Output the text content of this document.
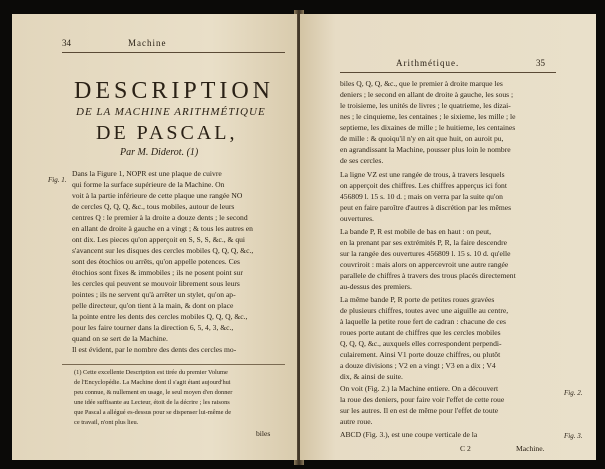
34	Machine
DESCRIPTION
DE LA MACHINE ARITHMÉTIQUE
DE PASCAL,
Par M. Diderot. (1)
Fig. 1.
Dans la Figure 1, NOPR est une plaque de cuivre
qui forme la surface supérieure de la Machine. On
voit à la partie inférieure de cette plaque une rangée NO
de cercles Q, Q, Q, &c., tous mobiles, autour de leurs
centres Q : le premier à la droite a douze dents ; le second
en allant de droite à gauche en a vingt ; & tous les autres en
ont dix. Les pieces qu'on apperçoit en S, S, S, &c., & qui
s'avancent sur les disques des cercles mobiles Q, Q, Q, &c.,
sont des étochios ou arrêts, qu'on appelle potences. Ces
étochios sont fixes & immobiles ; ils ne posent point sur
les cercles qui peuvent se mouvoir librement sous leurs
pointes ; ils ne servent qu'à arrêter un stylet, qu'on ap-
pelle directeur, qu'on tient à la main, & dont on place
la pointe entre les dents des cercles mobiles Q, Q, Q, &c.,
pour les faire tourner dans la direction 6, 5, 4, 3, &c.,
quand on se sert de la Machine.
Il est évident, par le nombre des dents des cercles mo-
(1) Cette excellente Description est tirée du premier Volume
de l'Encyclopédie. La Machine dont il s'agit étant aujourd'hui
peu connue, & nullement en usage, le seul moyen d'en donner
une idée suffisante au Lecteur, étoit de la décrire ; les raisons
que Pascal a allégué es-dessus pour se dispenser lui-même de
ce travail, n'ont plus lieu.
biles
Arithmétique.	35
biles Q, Q, Q, &c., que le premier à droite marque les
deniers ; le second en allant de droite à gauche, les sous ;
le troisieme, les unités de livres ; le quatrieme, les dizai-
nes ; le cinquieme, les centaines ; le sixieme, les mille ; le
septieme, les dixaines de mille ; le huitieme, les centaines
de mille : & quoiqu'il n'y en ait que huit, on auroit pu,
en agrandissant la Machine, pousser plus loin le nombre
de ses cercles.
La ligne VZ est une rangée de trous, à travers lesquels
on apperçoit des chiffres. Les chiffres apperçus ici font
456809 l. 15 s. 10 d. ; mais on verra par la suite qu'on
peut en faire paroître d'autres à discrétion par les mêmes
ouvertures.
La bande P, R est mobile de bas en haut : on peut,
en la prenant par ses extrémités P, R, la faire descendre
sur la rangée des ouvertures 456809 l. 15 s. 10 d. qu'elle
couvriroit : mais alors on appercevroit une autre rangée
parallele de chiffres à travers des trous placés directement
au-dessus des premiers.
La même bande P, R porte de petites roues gravées
de plusieurs chiffres, toutes avec une aiguille au centre,
à laquelle la petite roue fert de cadran : chacune de ces
roues porte autant de chiffres que les cercles mobiles
Q, Q, Q, &c., auxquels elles correspondent perpendi-
culairement. Ainsi V1 porte douze chiffres, ou plutôt
a douze divisions ; V2 en a vingt ; V3 en a dix ; V4
dix, & ainsi de suite.
On voit (Fig. 2.) la Machine entiere. On a découvert
la roue des deniers, pour faire voir l'effet de cette roue
sur les autres. Il en est de même pour l'effet de toute
autre roue.
ABCD (Fig. 3.), est une coupe verticale de la
Fig. 2.
Fig. 3.
C 2	Machine.
